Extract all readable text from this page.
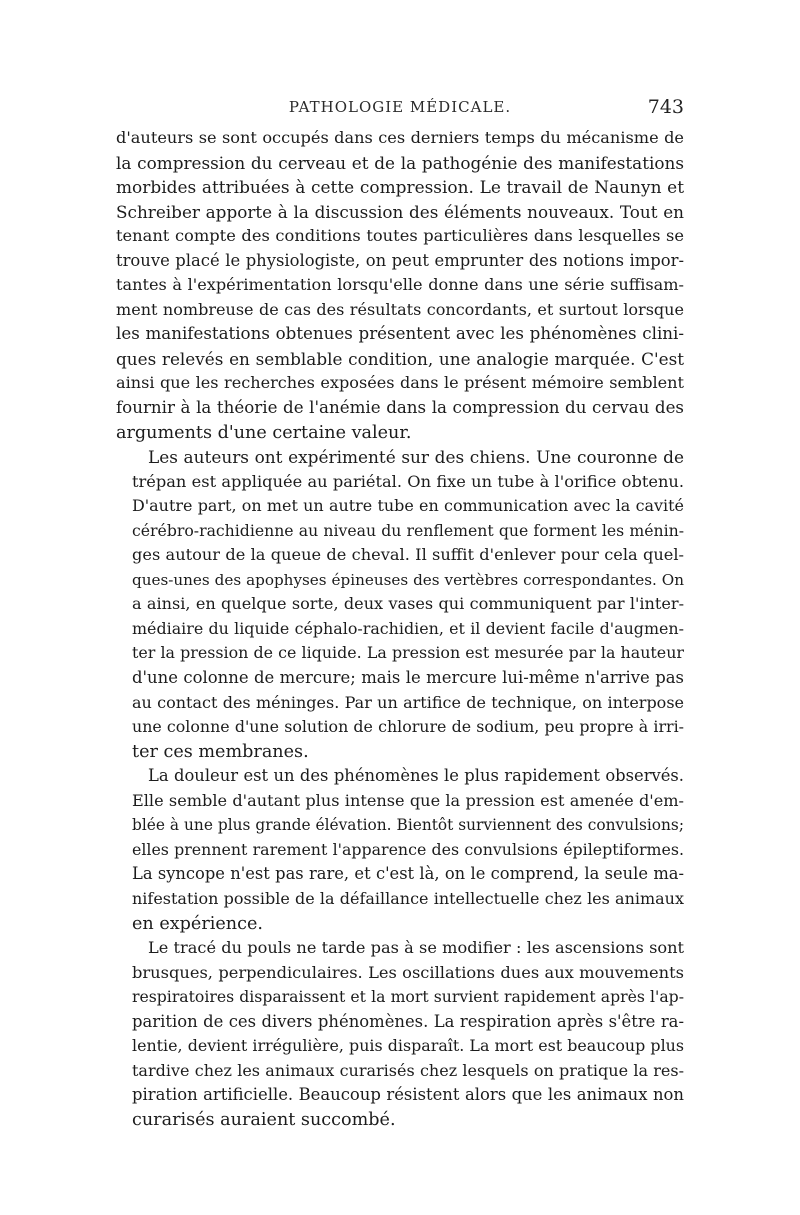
PATHOLOGIE MÉDICALE.	743

d'auteurs se sont occupés dans ces derniers temps du mécanisme de
la compression du cerveau et de la pathogénie des manifestations
morbides attribuées à cette compression. Le travail de Naunyn et
Schreiber apporte à la discussion des éléments nouveaux. Tout en
tenant compte des conditions toutes particulières dans lesquelles se
trouve placé le physiologiste, on peut emprunter des notions impor-
tantes à l'expérimentation lorsqu'elle donne dans une série suffisam-
ment nombreuse de cas des résultats concordants, et surtout lorsque
les manifestations obtenues présentent avec les phénomènes clini-
ques relevés en semblable condition, une analogie marquée. C'est
ainsi que les recherches exposées dans le présent mémoire semblent
fournir à la théorie de l'anémie dans la compression du cervau des
arguments d'une certaine valeur.

Les auteurs ont expérimenté sur des chiens. Une couronne de
trépan est appliquée au pariétal. On fixe un tube à l'orifice obtenu.
D'autre part, on met un autre tube en communication avec la cavité
cérébro-rachidienne au niveau du renflement que forment les ménin-
ges autour de la queue de cheval. Il suffit d'enlever pour cela quel-
ques-unes des apophyses épineuses des vertèbres correspondantes. On
a ainsi, en quelque sorte, deux vases qui communiquent par l'inter-
médiaire du liquide céphalo-rachidien, et il devient facile d'augmen-
ter la pression de ce liquide. La pression est mesurée par la hauteur
d'une colonne de mercure; mais le mercure lui-même n'arrive pas
au contact des méninges. Par un artifice de technique, on interpose
une colonne d'une solution de chlorure de sodium, peu propre à irri-
ter ces membranes.

La douleur est un des phénomènes le plus rapidement observés.
Elle semble d'autant plus intense que la pression est amenée d'em-
blée à une plus grande élévation. Bientôt surviennent des convulsions;
elles prennent rarement l'apparence des convulsions épileptiformes.
La syncope n'est pas rare, et c'est là, on le comprend, la seule ma-
nifestation possible de la défaillance intellectuelle chez les animaux
en expérience.

Le tracé du pouls ne tarde pas à se modifier : les ascensions sont
brusques, perpendiculaires. Les oscillations dues aux mouvements
respiratoires disparaissent et la mort survient rapidement après l'ap-
parition de ces divers phénomènes. La respiration après s'être ra-
lentie, devient irrégulière, puis disparaît. La mort est beaucoup plus
tardive chez les animaux curarisés chez lesquels on pratique la res-
piration artificielle. Beaucoup résistent alors que les animaux non
curarisés auraient succombé.
